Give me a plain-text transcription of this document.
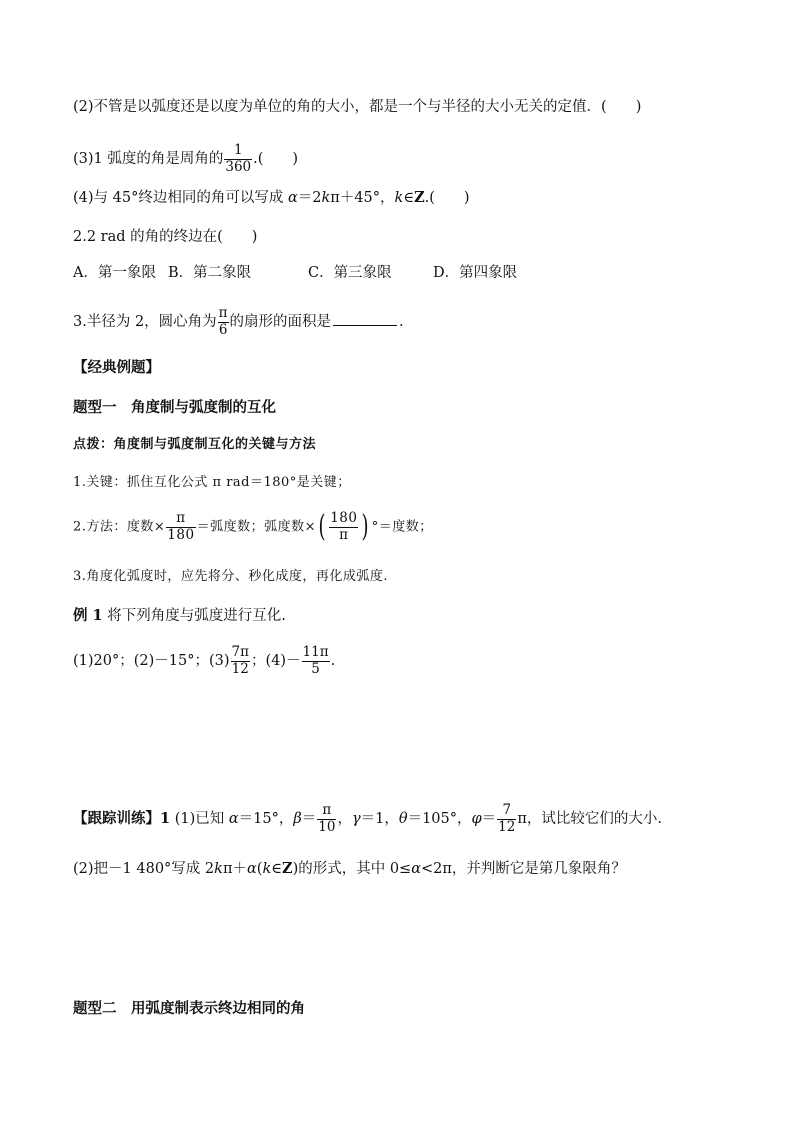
(2)不管是以弧度还是以度为单位的角的大小，都是一个与半径的大小无关的定值．(　　)
(3)1 弧度的角是周角的 $\frac{1}{360}$ .(　　)
(4)与 45°终边相同的角可以写成 α＝2kπ＋45°，k∈Z.(　　)
2.2 rad 的角的终边在(　　)
A．第一象限 B．第二象限	C．第三象限	D．第四象限
3.半径为 2，圆心角为 $\frac{\pi}{6}$ 的扇形的面积是	．
【经典例题】
题型一　角度制与弧度制的互化
点拨：角度制与弧度制互化的关键与方法
1.关键：抓住互化公式 π rad＝180°是关键；
2.方法：度数× $\frac{\pi}{180}$ ＝弧度数；弧度数×( $\frac{180}{\pi}$ ) °＝度数；
3.角度化弧度时，应先将分、秒化成度，再化成弧度.
例 1 将下列角度与弧度进行互化.
(1)20°；(2)－15°；$(3) \frac{7\pi}{12}$ ；$(4)- \frac{11\pi}{5}$ .
【跟踪训练】1 (1)已知 α＝15°，$\beta= \frac{\pi}{10}$ ，γ＝1，θ＝105°，$\varphi= \frac{7}{12}$ π，试比较它们的大小.
(2)把－1 480°写成 2kπ＋α(k∈Z)的形式，其中 0≤α<2π，并判断它是第几象限角？
题型二　用弧度制表示终边相同的角
